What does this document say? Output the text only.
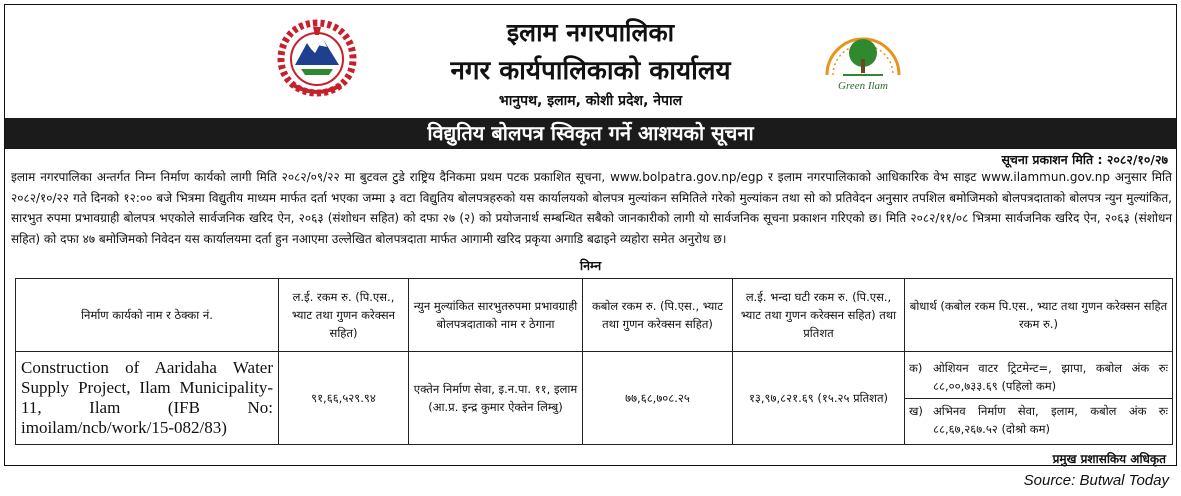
इलाम नगरपालिका
नगर कार्यपालिकाको कार्यालय
भानुपथ, इलाम, कोशी प्रदेश, नेपाल
Green Ilam
विद्युतिय बोलपत्र स्विकृत गर्ने आशयको सूचना
सूचना प्रकाशन मिति : २०८२/१०/२७
इलाम नगरपालिका अन्तर्गत निम्न निर्माण कार्यको लागी मिति २०८२/०९/२२ मा बुटवल टुडे राष्ट्रिय दैनिकमा प्रथम पटक प्रकाशित सूचना, www.bolpatra.gov.np/egp र इलाम नगरपालिकाको आधिकारिक वेभ साइट www.ilammun.gov.np अनुसार मिति २०८२/१०/२२ गते दिनको १२:०० बजे भित्रमा विद्युतीय माध्यम मार्फत दर्ता भएका जम्मा ३ वटा विद्युतिय बोलपत्रहरुको यस कार्यालयको बोलपत्र मुल्यांकन समितिले गरेको मुल्यांकन तथा सो को प्रतिवेदन अनुसार तपशिल बमोजिमको बोलपत्रदाताको बोलपत्र न्युन मुल्यांकित, सारभुत रुपमा प्रभावग्राही बोलपत्र भएकोले सार्वजनिक खरिद ऐन, २०६३ (संशोधन सहित) को दफा २७ (२) को प्रयोजनार्थ सम्बन्धित सबैको जानकारीको लागी यो सार्वजनिक सूचना प्रकाशन गरिएको छ। मिति २०८२/११/०८ भित्रमा सार्वजनिक खरिद ऐन, २०६३ (संशोधन सहित) को दफा ४७ बमोजिमको निवेदन यस कार्यालयमा दर्ता हुन नआएमा उल्लेखित बोलपत्रदाता मार्फत आगामी खरिद प्रकृया अगाडि बढाइने व्यहोरा समेत अनुरोध छ।
निम्न
निर्माण कार्यको नाम र ठेक्का नं.	ल.ई. रकम रु. (पि.एस., भ्याट तथा गुणन करेक्सन सहित)	न्युन मुल्यांकित सारभुतरुपमा प्रभावग्राही बोलपत्रदाताको नाम र ठेगाना	कबोल रकम रु. (पि.एस., भ्याट तथा गुणन करेक्सन सहित)	ल.ई. भन्दा घटी रकम रु. (पि.एस., भ्याट तथा गुणन करेक्सन सहित) तथा प्रतिशत	बोधार्थ (कबोल रकम पि.एस., भ्याट तथा गुणन करेक्सन सहित रकम रु.)
Construction of Aaridaha Water Supply Project, Ilam Municipality-11, Ilam (IFB No: imoilam/ncb/work/15-082/83)	९१,६६,५२९.९४	एक्तेन निर्माण सेवा, इ.न.पा. ११, इलाम (आ.प्र. इन्द्र कुमार ऐक्तेन लिम्बु)	७७,६८,७०८.२५	१३,९७,८२१.६९ (१५.२५ प्रतिशत)	क) ओशियन वाटर ट्रिटमेन्ट=, झापा, कबोल अंक रुः ८८,००,७३३.६९ (पहिलो कम)
ख) अभिनव निर्माण सेवा, इलाम, कबोल अंक रुः ८८,६७,२६७.५२ (दोश्रो कम)
प्रमुख प्रशासकिय अधिकृत
Source: Butwal Today
